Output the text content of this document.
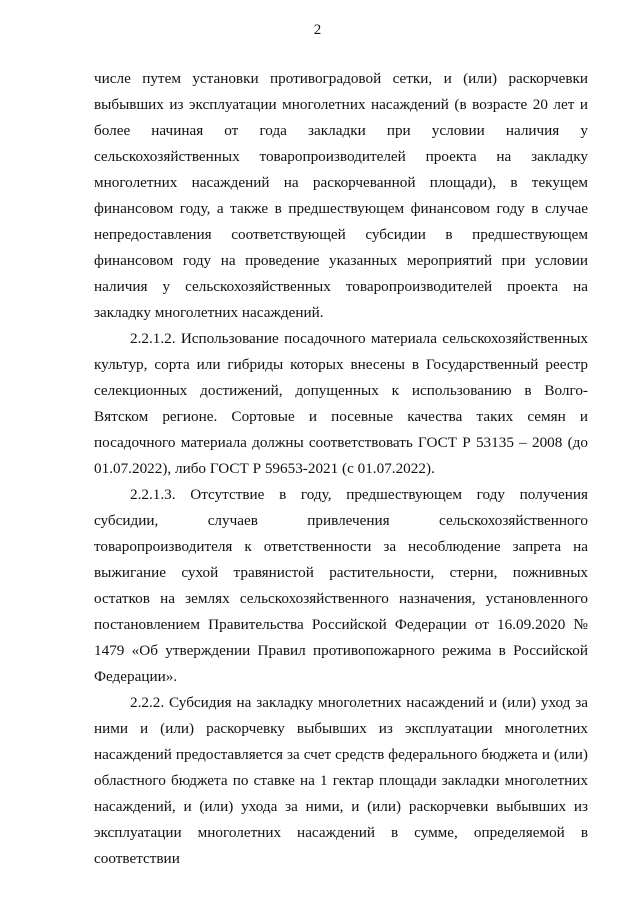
2

числе путем установки противоградовой сетки, и (или) раскорчевки выбывших из эксплуатации многолетних насаждений (в возрасте 20 лет и более начиная от года закладки при условии наличия у сельскохозяйственных товаропроизводителей проекта на закладку многолетних насаждений на раскорчеванной площади), в текущем финансовом году, а также в предшествующем финансовом году в случае непредоставления соответствующей субсидии в предшествующем финансовом году на проведение указанных мероприятий при условии наличия у сельскохозяйственных товаропроизводителей проекта на закладку многолетних насаждений.

2.2.1.2. Использование посадочного материала сельскохозяйственных культур, сорта или гибриды которых внесены в Государственный реестр селекционных достижений, допущенных к использованию в Волго-Вятском регионе. Сортовые и посевные качества таких семян и посадочного материала должны соответствовать ГОСТ Р 53135 – 2008 (до 01.07.2022), либо ГОСТ Р 59653-2021 (с 01.07.2022).

2.2.1.3. Отсутствие в году, предшествующем году получения субсидии, случаев привлечения сельскохозяйственного товаропроизводителя к ответственности за несоблюдение запрета на выжигание сухой травянистой растительности, стерни, пожнивных остатков на землях сельскохозяйственного назначения, установленного постановлением Правительства Российской Федерации от 16.09.2020 № 1479 «Об утверждении Правил противопожарного режима в Российской Федерации».

2.2.2. Субсидия на закладку многолетних насаждений и (или) уход за ними и (или) раскорчевку выбывших из эксплуатации многолетних насаждений предоставляется за счет средств федерального бюджета и (или) областного бюджета по ставке на 1 гектар площади закладки многолетних насаждений, и (или) ухода за ними, и (или) раскорчевки выбывших из эксплуатации многолетних насаждений в сумме, определяемой в соответствии
